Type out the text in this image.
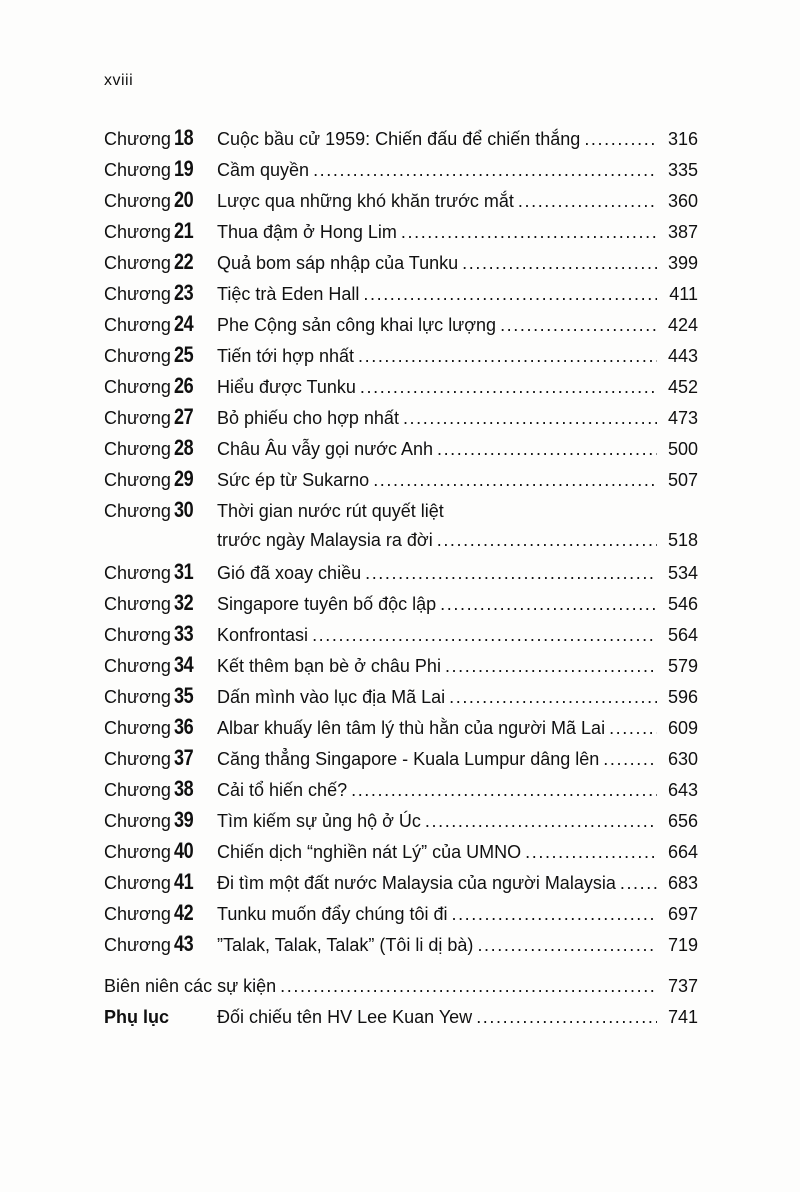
xviii
Chương 18	Cuộc bầu cử 1959: Chiến đấu để chiến thắng .....	316
Chương 19	Cầm quyền .....	335
Chương 20	Lược qua những khó khăn trước mắt .....	360
Chương 21	Thua đậm ở Hong Lim .....	387
Chương 22	Quả bom sáp nhập của Tunku .....	399
Chương 23	Tiệc trà Eden Hall .....	411
Chương 24	Phe Cộng sản công khai lực lượng .....	424
Chương 25	Tiến tới hợp nhất .....	443
Chương 26	Hiểu được Tunku .....	452
Chương 27	Bỏ phiếu cho hợp nhất .....	473
Chương 28	Châu Âu vẫy gọi nước Anh .....	500
Chương 29	Sức ép từ Sukarno .....	507
Chương 30	Thời gian nước rút quyết liệt
trước ngày Malaysia ra đời .....	518
Chương 31	Gió đã xoay chiều .....	534
Chương 32	Singapore tuyên bố độc lập .....	546
Chương 33	Konfrontasi .....	564
Chương 34	Kết thêm bạn bè ở châu Phi .....	579
Chương 35	Dấn mình vào lục địa Mã Lai .....	596
Chương 36	Albar khuấy lên tâm lý thù hằn của người Mã Lai .....	609
Chương 37	Căng thẳng Singapore - Kuala Lumpur dâng lên .....	630
Chương 38	Cải tổ hiến chế? .....	643
Chương 39	Tìm kiếm sự ủng hộ ở Úc .....	656
Chương 40	Chiến dịch “nghiền nát Lý” của UMNO .....	664
Chương 41	Đi tìm một đất nước Malaysia của người Malaysia .....	683
Chương 42	Tunku muốn đẩy chúng tôi đi .....	697
Chương 43	”Talak, Talak, Talak” (Tôi li dị bà) .....	719
Biên niên các sự kiện .....	737
Phụ lục	Đối chiếu tên HV Lee Kuan Yew .....	741
